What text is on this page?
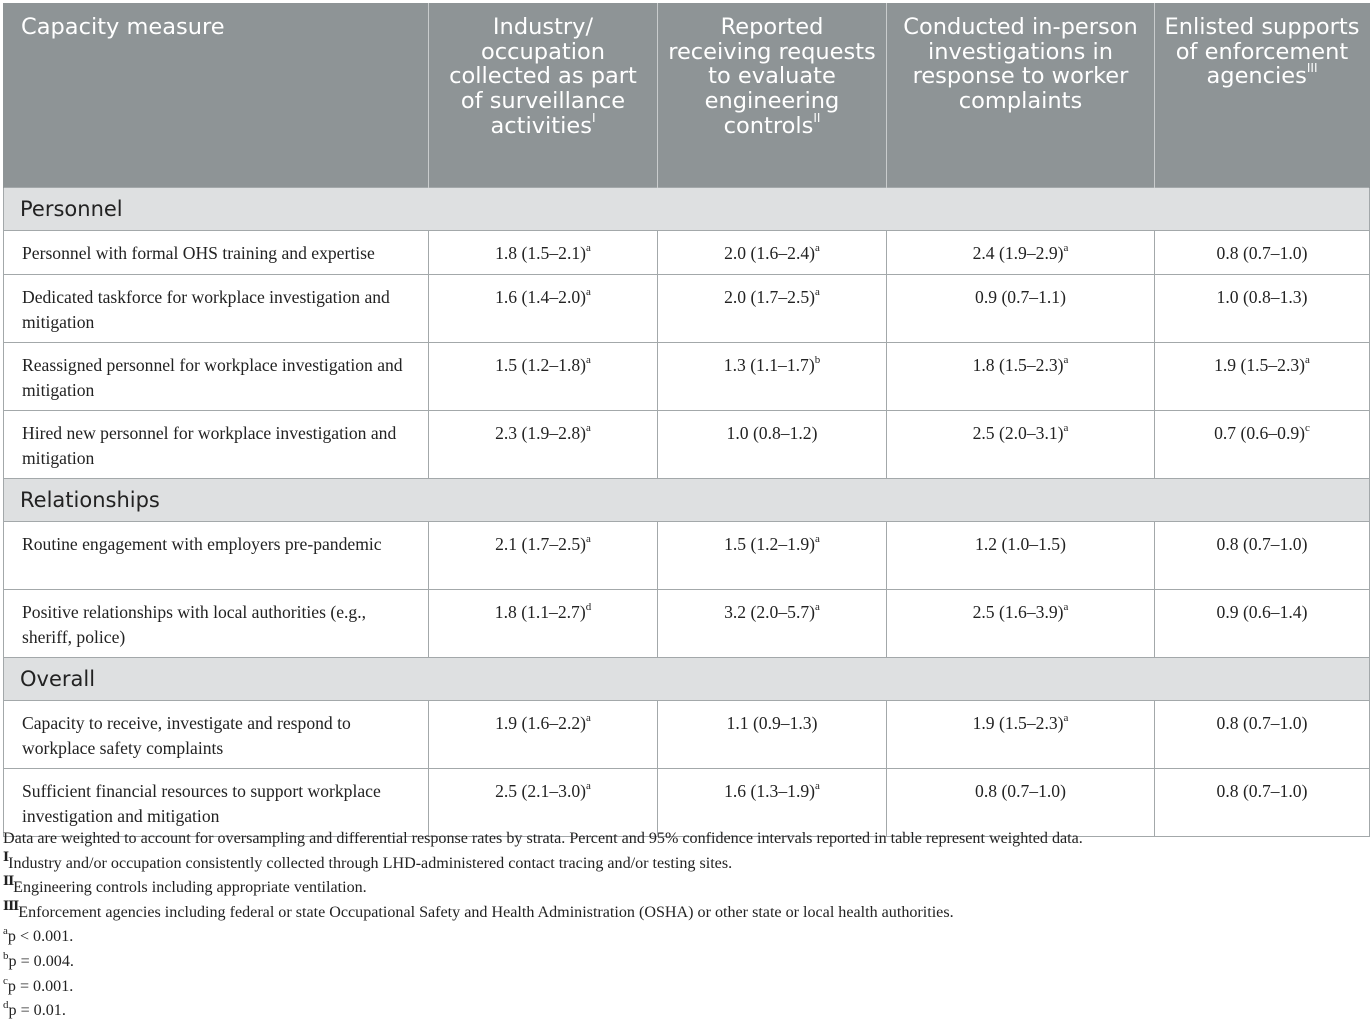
Capacity measure	Industry/ occupation collected as part of surveillance activities$^I$	Reported receiving requests to evaluate engineering controls$^{II}$	Conducted in-person investigations in response to worker complaints	Enlisted supports of enforcement agencies$^{III}$
Personnel				
Personnel with formal OHS training and expertise	1.8 $(1.5-2.1)^a$	2.0 $(1.6-2.4)^a$	2.4 $(1.9-2.9)^a$	0.8 (0.7–1.0)
Dedicated taskforce for workplace investigation and mitigation	1.6 $(1.4-2.0)^a$	2.0 $(1.7-2.5)^a$	0.9 (0.7–1.1)	1.0 (0.8–1.3)
Reassigned personnel for workplace investigation and mitigation	1.5 $(1.2-1.8)^a$	1.3 $(1.1-1.7)^b$	1.8 $(1.5-2.3)^a$	1.9 $(1.5-2.3)^a$
Hired new personnel for workplace investigation and mitigation	2.3 $(1.9-2.8)^a$	1.0 (0.8–1.2)	2.5 $(2.0-3.1)^a$	0.7 $(0.6-0.9)^c$
Relationships				
Routine engagement with employers pre-pandemic	2.1 $(1.7-2.5)^a$	1.5 $(1.2-1.9)^a$	1.2 (1.0–1.5)	0.8 (0.7–1.0)
Positive relationships with local authorities (e.g., sheriff, police)	1.8 $(1.1-2.7)^d$	3.2 $(2.0-5.7)^a$	2.5 $(1.6-3.9)^a$	0.9 (0.6–1.4)
Overall				
Capacity to receive, investigate and respond to workplace safety complaints	1.9 $(1.6-2.2)^a$	1.1 (0.9–1.3)	1.9 $(1.5-2.3)^a$	0.8 (0.7–1.0)
Sufficient financial resources to support workplace investigation and mitigation	2.5 $(2.1-3.0)^a$	1.6 $(1.3-1.9)^a$	0.8 (0.7–1.0)	0.8 (0.7–1.0)

Data are weighted to account for oversampling and differential response rates by strata. Percent and 95% confidence intervals reported in table represent weighted data.

$^I$Industry and/or occupation consistently collected through LHD-administered contact tracing and/or testing sites.

$^{II}$Engineering controls including appropriate ventilation.

$^{III}$Enforcement agencies including federal or state Occupational Safety and Health Administration (OSHA) or other state or local health authorities.

$^a$p < 0.001.

$^b$p = 0.004.

$^c$p = 0.001.

$^d$p = 0.01.
